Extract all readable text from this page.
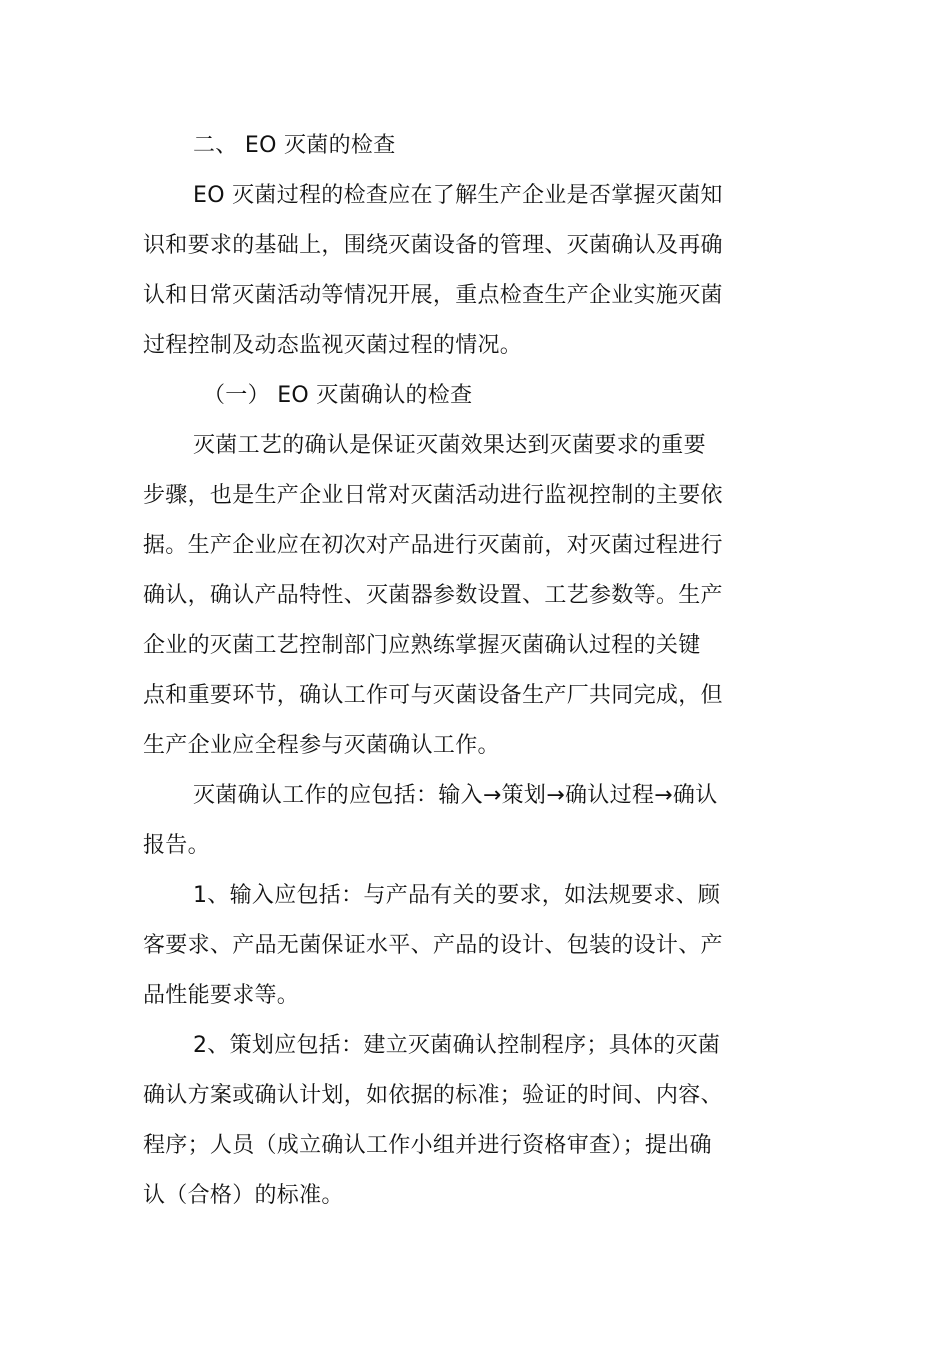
二、 EO 灭菌的检查
EO 灭菌过程的检查应在了解生产企业是否掌握灭菌知
识和要求的基础上，围绕灭菌设备的管理、灭菌确认及再确
认和日常灭菌活动等情况开展，重点检查生产企业实施灭菌
过程控制及动态监视灭菌过程的情况。
（一） EO 灭菌确认的检查
灭菌工艺的确认是保证灭菌效果达到灭菌要求的重要
步骤，也是生产企业日常对灭菌活动进行监视控制的主要依
据。生产企业应在初次对产品进行灭菌前，对灭菌过程进行
确认，确认产品特性、灭菌器参数设置、工艺参数等。生产
企业的灭菌工艺控制部门应熟练掌握灭菌确认过程的关键
点和重要环节，确认工作可与灭菌设备生产厂共同完成，但
生产企业应全程参与灭菌确认工作。
灭菌确认工作的应包括：输入→策划→确认过程→确认
报告。
1、输入应包括：与产品有关的要求，如法规要求、顾
客要求、产品无菌保证水平、产品的设计、包装的设计、产
品性能要求等。
2、策划应包括：建立灭菌确认控制程序；具体的灭菌
确认方案或确认计划，如依据的标准；验证的时间、内容、
程序；人员（成立确认工作小组并进行资格审查）；提出确
认（合格）的标准。
